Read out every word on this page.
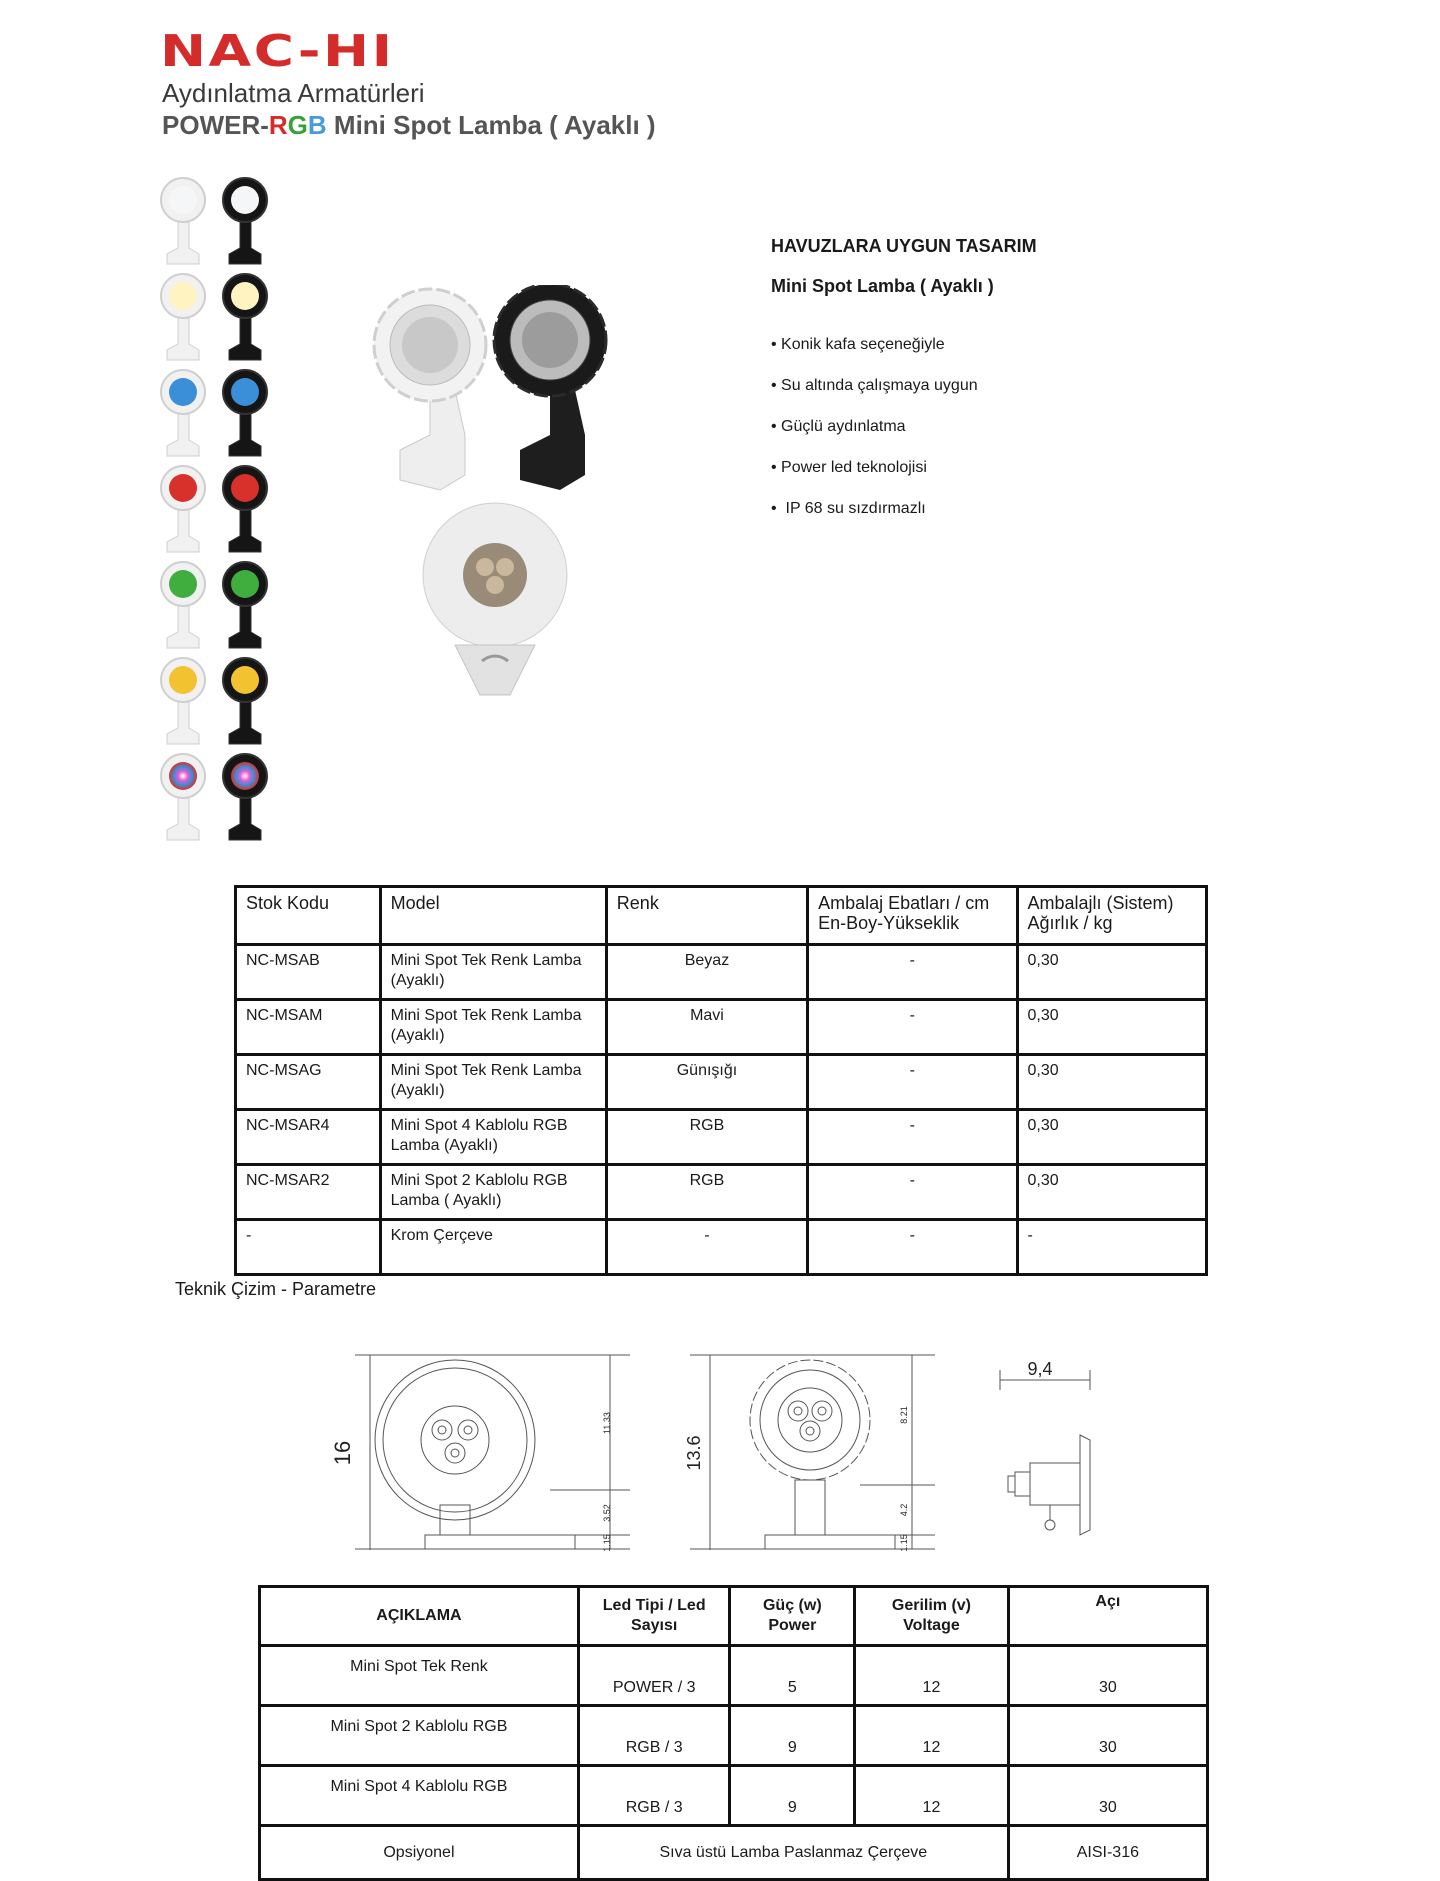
NAC-HI
Aydınlatma Armatürleri
POWER-RGB Mini Spot Lamba ( Ayaklı )
HAVUZLARA UYGUN TASARIM
Mini Spot Lamba ( Ayaklı )
• Konik kafa seçeneğiyle
• Su altında çalışmaya uygun
• Güçlü aydınlatma
• Power led teknolojisi
•  IP 68 su sızdırmazlı
Stok Kodu	Model	Renk	Ambalaj Ebatları / cm En-Boy-Yükseklik	Ambalajlı (Sistem) Ağırlık / kg
NC-MSAB	Mini Spot Tek Renk Lamba (Ayaklı)	Beyaz	-	0,30
NC-MSAM	Mini Spot Tek Renk Lamba (Ayaklı)	Mavi	-	0,30
NC-MSAG	Mini Spot Tek Renk Lamba (Ayaklı)	Günışığı	-	0,30
NC-MSAR4	Mini Spot 4 Kablolu RGB Lamba (Ayaklı)	RGB	-	0,30
NC-MSAR2	Mini Spot 2 Kablolu RGB Lamba ( Ayaklı)	RGB	-	0,30
-	Krom Çerçeve	-	-	-
Teknik Çizim - Parametre
16
11.33
3.52
1.15
13.6
8.21
4.2
1.15
9,4
AÇIKLAMA	Led Tipi / Led Sayısı	Güç (w) Power	Gerilim (v) Voltage	Açı
Mini Spot Tek Renk	POWER / 3	5	12	30
Mini Spot 2 Kablolu RGB	RGB / 3	9	12	30
Mini Spot 4 Kablolu RGB	RGB / 3	9	12	30
Opsiyonel	Sıva üstü Lamba Paslanmaz Çerçeve			AISI-316
